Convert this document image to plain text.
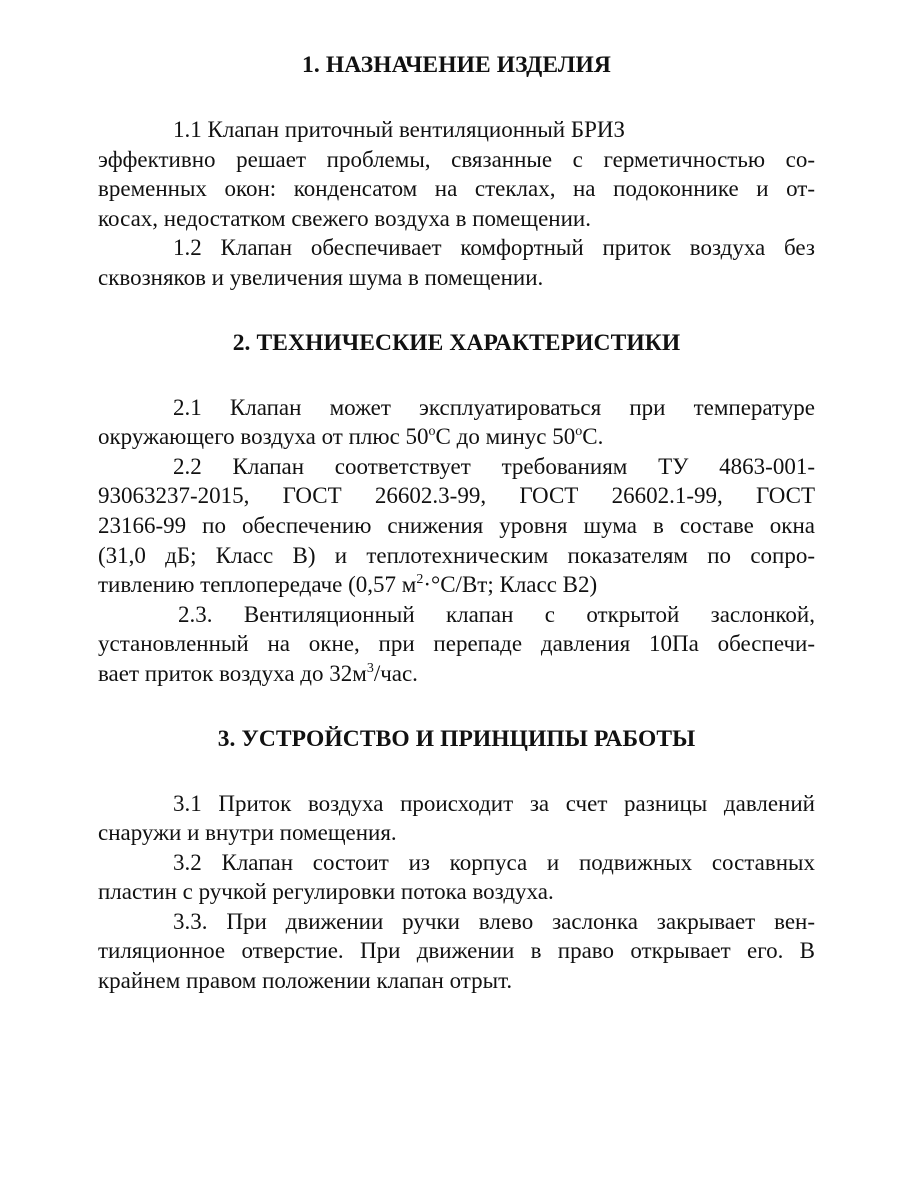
1. НАЗНАЧЕНИЕ ИЗДЕЛИЯ
1.1 Клапан приточный вентиляционный БРИЗ
эффективно решает проблемы, связанные с герметичностью со-
временных окон: конденсатом на стеклах, на подоконнике и от-
косах, недостатком свежего воздуха в помещении.
1.2 Клапан обеспечивает комфортный приток воздуха без
сквозняков и увеличения шума в помещении.
2. ТЕХНИЧЕСКИЕ ХАРАКТЕРИСТИКИ
2.1 Клапан может эксплуатироваться при температуре
окружающего воздуха от плюс $50^оС$ до минус $50^оС$.
2.2 Клапан соответствует требованиям ТУ 4863-001-
93063237-2015, ГОСТ 26602.3-99, ГОСТ 26602.1-99, ГОСТ
23166-99 по обеспечению снижения уровня шума в составе окна
(31,0 дБ; Класс В) и теплотехническим показателям по сопро-
тивлению теплопередаче (0,57 $м^2\cdot^\circ С/Вт$; Класс В2)
2.3. Вентиляционный клапан с открытой заслонкой,
установленный на окне, при перепаде давления 10Па обеспечи-
вает приток воздуха до $32м^3$/час.
3. УСТРОЙСТВО И ПРИНЦИПЫ РАБОТЫ
3.1 Приток воздуха происходит за счет разницы давлений
снаружи и внутри помещения.
3.2 Клапан состоит из корпуса и подвижных составных
пластин с ручкой регулировки потока воздуха.
3.3. При движении ручки влево заслонка закрывает вен-
тиляционное отверстие. При движении в право открывает его. В
крайнем правом положении клапан отрыт.
